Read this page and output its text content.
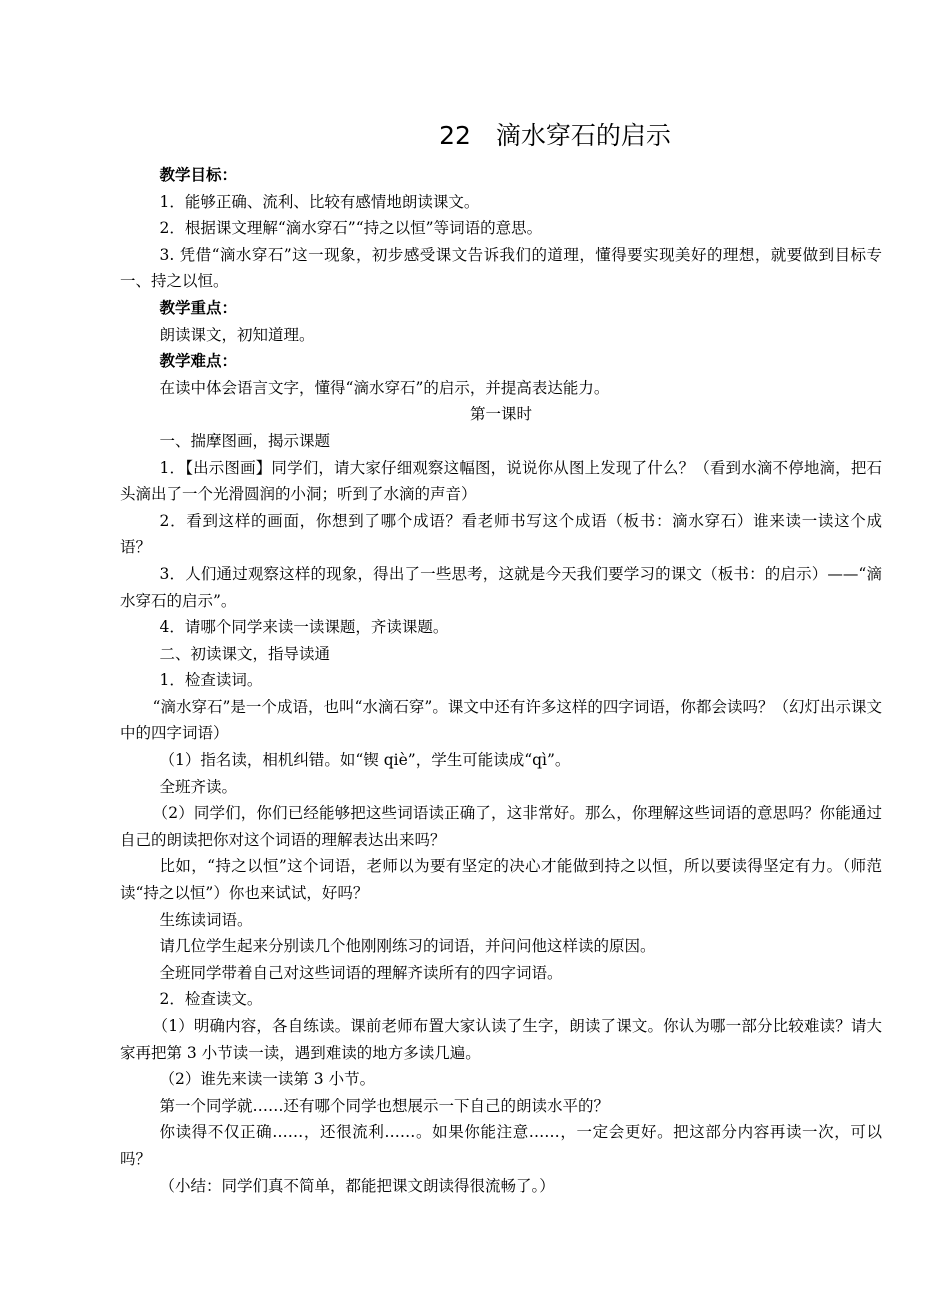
22　滴水穿石的启示

教学目标：

1．能够正确、流利、比较有感情地朗读课文。

2．根据课文理解“滴水穿石”“持之以恒”等词语的意思。

3. 凭借“滴水穿石”这一现象，初步感受课文告诉我们的道理，懂得要实现美好的理想，就要做到目标专一、持之以恒。

教学重点：

朗读课文，初知道理。

教学难点：

在读中体会语言文字，懂得“滴水穿石”的启示，并提高表达能力。

第一课时

一、揣摩图画，揭示课题

1．【出示图画】同学们，请大家仔细观察这幅图，说说你从图上发现了什么？（看到水滴不停地滴，把石头滴出了一个光滑圆润的小洞；听到了水滴的声音）

2．看到这样的画面，你想到了哪个成语？看老师书写这个成语（板书：滴水穿石）谁来读一读这个成语？

3．人们通过观察这样的现象，得出了一些思考，这就是今天我们要学习的课文（板书：的启示）——“滴水穿石的启示”。

4．请哪个同学来读一读课题，齐读课题。

二、初读课文，指导读通

1．检查读词。

“滴水穿石”是一个成语，也叫“水滴石穿”。课文中还有许多这样的四字词语，你都会读吗？（幻灯出示课文中的四字词语）

（1）指名读，相机纠错。如“锲 qiè”，学生可能读成“qì”。

全班齐读。

（2）同学们，你们已经能够把这些词语读正确了，这非常好。那么，你理解这些词语的意思吗？你能通过自己的朗读把你对这个词语的理解表达出来吗？

比如，“持之以恒”这个词语，老师以为要有坚定的决心才能做到持之以恒，所以要读得坚定有力。（师范读“持之以恒”）你也来试试，好吗？

生练读词语。

请几位学生起来分别读几个他刚刚练习的词语，并问问他这样读的原因。

全班同学带着自己对这些词语的理解齐读所有的四字词语。

2．检查读文。

（1）明确内容，各自练读。课前老师布置大家认读了生字，朗读了课文。你认为哪一部分比较难读？请大家再把第 3 小节读一读，遇到难读的地方多读几遍。

（2）谁先来读一读第 3 小节。

第一个同学就……还有哪个同学也想展示一下自己的朗读水平的？

你读得不仅正确……，还很流利……。如果你能注意……，一定会更好。把这部分内容再读一次，可以吗？

（小结：同学们真不简单，都能把课文朗读得很流畅了。）
